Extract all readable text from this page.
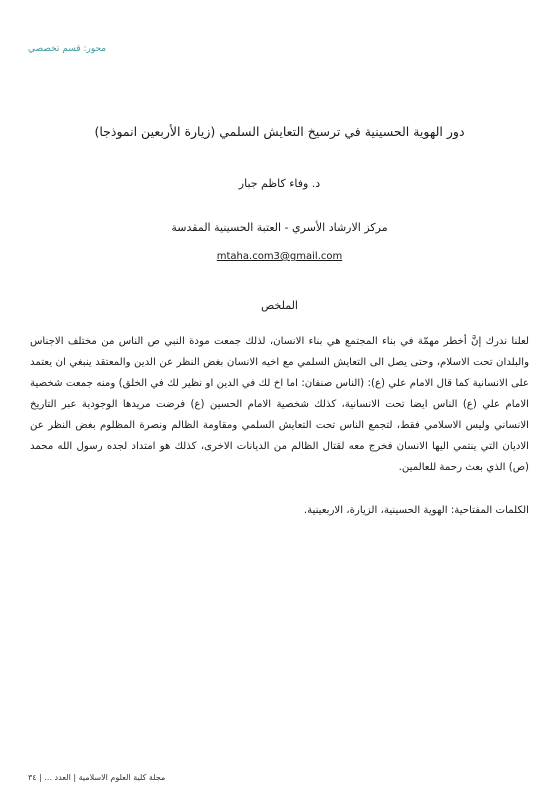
محور: قسم تخصصي
دور الهوية الحسينية في ترسيخ التعايش السلمي (زيارة الأربعين انموذجا)
د. وفاء كاظم جبار
مركز الارشاد الأسري - العتبة الحسينية المقدسة
mtaha.com3@gmail.com
الملخص
لعلنا ندرك إنَّ أخطر مهمّة في بناء المجتمع هي بناء الانسان، لذلك جمعت مودة النبي ص الناس من مختلف الاجناس والبلدان تحت الاسلام، وحتى يصل الى التعايش السلمي مع اخيه الانسان بغض النظر عن الدين والمعتقد ينبغي ان يعتمد على الانسانية كما قال الامام علي (ع): (الناس صنفان: اما اخ لك في الدين او نظير لك في الخلق) ومنه جمعت شخصية الامام علي (ع) الناس ايضا تحت الانسانية، كذلك شخصية الامام الحسين (ع) فرضت مريدها الوجودية عبر التاريخ الانساني وليس الاسلامي فقط، لتجمع الناس تحت التعايش السلمي ومقاومة الظالم ونصرة المظلوم بغض النظر عن الاديان التي ينتمي اليها الانسان فخرج معه لقتال الظالم من الديانات الاخرى، كذلك هو امتداد لجده رسول الله محمد (ص) الذي بعث رحمة للعالمين.
الكلمات المفتاحية: الهوية الحسينية، الزيارة، الاربعينية.
مجلة كلية العلوم الاسلامية | العدد ... | ٣٤
